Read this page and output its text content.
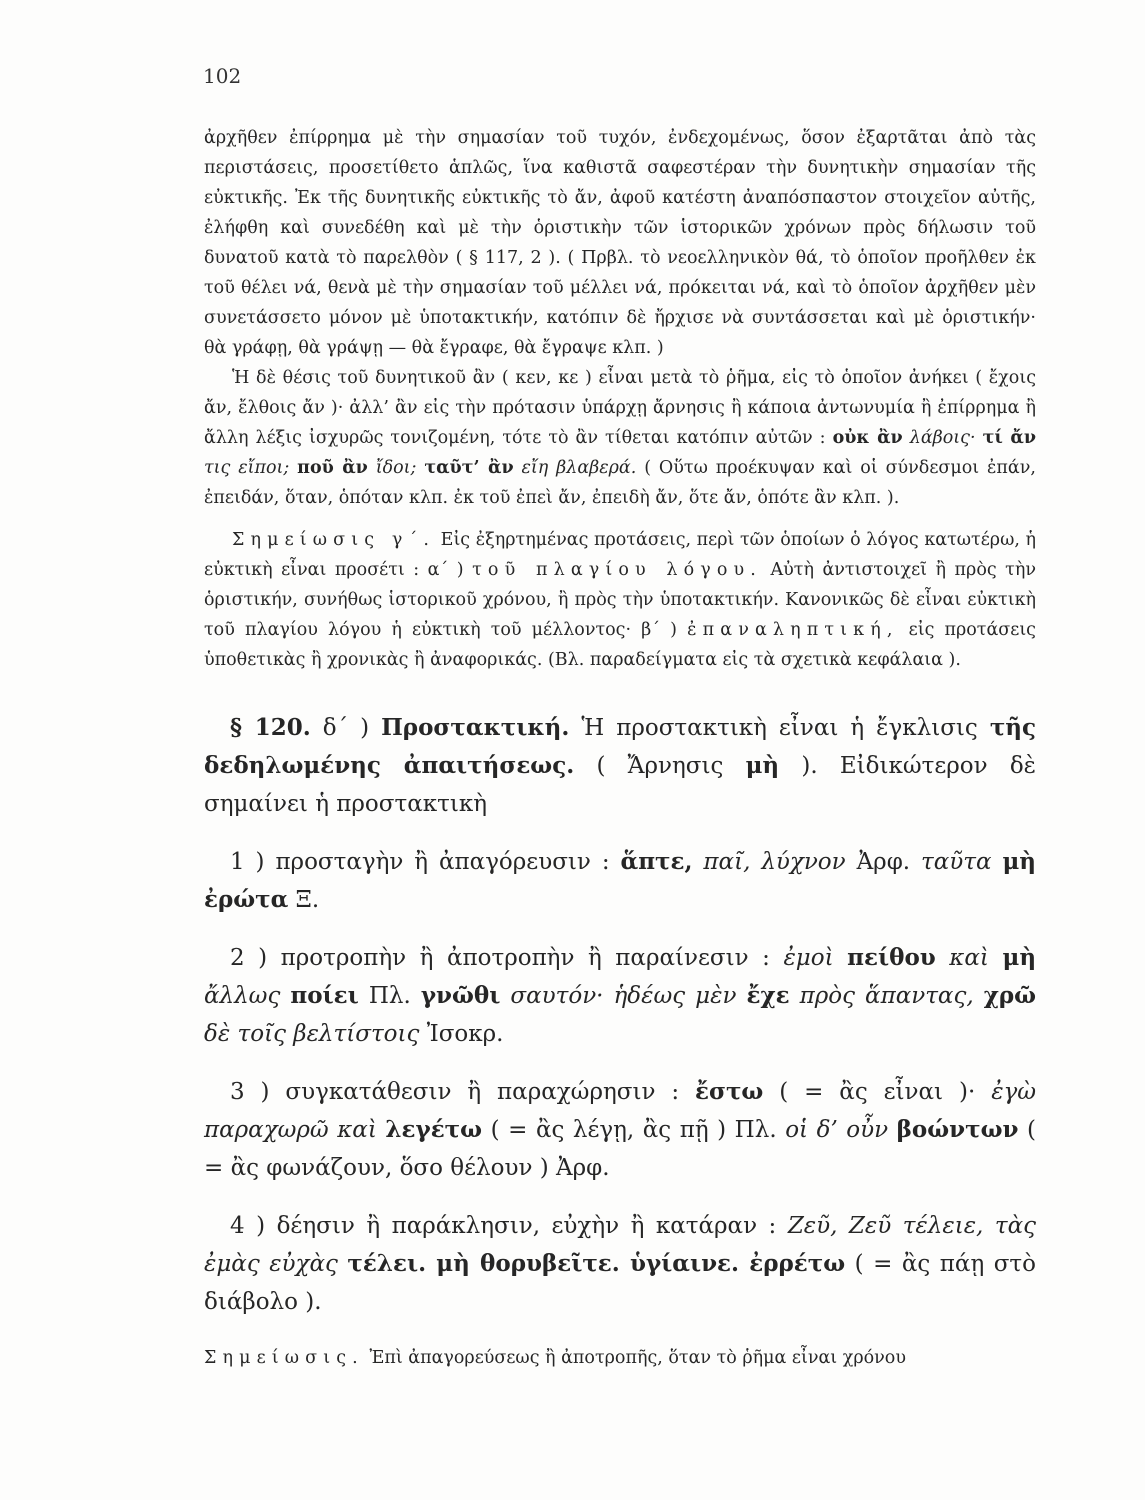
102

ἀρχῆθεν ἐπίρρημα μὲ τὴν σημασίαν τοῦ τυχόν, ἐνδεχομένως, ὅσον ἐξαρτᾶται ἀπὸ τὰς περιστάσεις, προσετίθετο ἁπλῶς, ἵνα καθιστᾶ σαφεστέραν τὴν δυνητικὴν σημασίαν τῆς εὐκτικῆς. Ἐκ τῆς δυνητικῆς εὐκτικῆς τὸ ἄν, ἀφοῦ κατέστη ἀναπόσπαστον στοιχεῖον αὐτῆς, ἐλήφθη καὶ συνεδέθη καὶ μὲ τὴν ὁριστικὴν τῶν ἱστορικῶν χρόνων πρὸς δήλωσιν τοῦ δυνατοῦ κατὰ τὸ παρελθὸν ( § 117, 2 ). ( Πρβλ. τὸ νεοελληνικὸν θά, τὸ ὁποῖον προῆλθεν ἐκ τοῦ θέλει νά, θενὰ μὲ τὴν σημασίαν τοῦ μέλλει νά, πρόκειται νά, καὶ τὸ ὁποῖον ἀρχῆθεν μὲν συνετάσσετο μόνον μὲ ὑποτακτικήν, κατόπιν δὲ ἤρχισε νὰ συντάσσεται καὶ μὲ ὁριστικήν· θὰ γράφῃ, θὰ γράψῃ — θὰ ἔγραφε, θὰ ἔγραψε κλπ. )

Ἡ δὲ θέσις τοῦ δυνητικοῦ ἂν ( κεν, κε ) εἶναι μετὰ τὸ ῥῆμα, εἰς τὸ ὁποῖον ἀνήκει ( ἔχοις ἄν, ἔλθοις ἄν )· ἀλλ’ ἂν εἰς τὴν πρότασιν ὑπάρχῃ ἄρνησις ἢ κάποια ἀντωνυμία ἢ ἐπίρρημα ἢ ἄλλη λέξις ἰσχυρῶς τονιζομένη, τότε τὸ ἂν τίθεται κατόπιν αὐτῶν : οὐκ ἂν λάβοις· τί ἄν τις εἴποι; ποῦ ἂν ἴδοι; ταῦτ’ ἂν εἴη βλαβερά. ( Οὕτω προέκυψαν καὶ οἱ σύνδεσμοι ἐπάν, ἐπειδάν, ὅταν, ὁπόταν κλπ. ἐκ τοῦ ἐπεὶ ἄν, ἐπειδὴ ἄν, ὅτε ἄν, ὁπότε ἂν κλπ. ).

Σημείωσις γ΄. Εἰς ἐξηρτημένας προτάσεις, περὶ τῶν ὁποίων ὁ λόγος κατωτέρω, ἡ εὐκτικὴ εἶναι προσέτι : α΄ ) τοῦ πλαγίου λόγου. Αὐτὴ ἀντιστοιχεῖ ἢ πρὸς τὴν ὁριστικήν, συνήθως ἱστορικοῦ χρόνου, ἢ πρὸς τὴν ὑποτακτικήν. Κανονικῶς δὲ εἶναι εὐκτικὴ τοῦ πλαγίου λόγου ἡ εὐκτικὴ τοῦ μέλλοντος· β΄ ) ἐπαναληπτική, εἰς προτάσεις ὑποθετικὰς ἢ χρονικὰς ἢ ἀναφορικάς. (Βλ. παραδείγματα εἰς τὰ σχετικὰ κεφάλαια ).

§ 120. δ΄ ) Προστακτική. Ἡ προστακτικὴ εἶναι ἡ ἔγκλισις τῆς δεδηλωμένης ἀπαιτήσεως. ( Ἄρνησις μὴ ). Εἰδικώτερον δὲ σημαίνει ἡ προστακτικὴ

1 ) προσταγὴν ἢ ἀπαγόρευσιν : ἅπτε, παῖ, λύχνον Ἀρφ. ταῦτα μὴ ἐρώτα Ξ.

2 ) προτροπὴν ἢ ἀποτροπὴν ἢ παραίνεσιν : ἐμοὶ πείθου καὶ μὴ ἄλλως ποίει Πλ. γνῶθι σαυτόν· ἡδέως μὲν ἔχε πρὸς ἅπαντας, χρῶ δὲ τοῖς βελτίστοις Ἰσοκρ.

3 ) συγκατάθεσιν ἢ παραχώρησιν : ἔστω ( = ἂς εἶναι )· ἐγὼ παραχωρῶ καὶ λεγέτω ( = ἂς λέγῃ, ἂς πῇ ) Πλ. οἱ δ’ οὖν βοώντων ( = ἂς φωνάζουν, ὅσο θέλουν ) Ἀρφ.

4 ) δέησιν ἢ παράκλησιν, εὐχὴν ἢ κατάραν : Ζεῦ, Ζεῦ τέλειε, τὰς ἐμὰς εὐχὰς τέλει. μὴ θορυβεῖτε. ὑγίαινε. ἐρρέτω ( = ἂς πάῃ στὸ διάβολο ).

Σημείωσις. Ἐπὶ ἀπαγορεύσεως ἢ ἀποτροπῆς, ὅταν τὸ ῥῆμα εἶναι χρόνου
